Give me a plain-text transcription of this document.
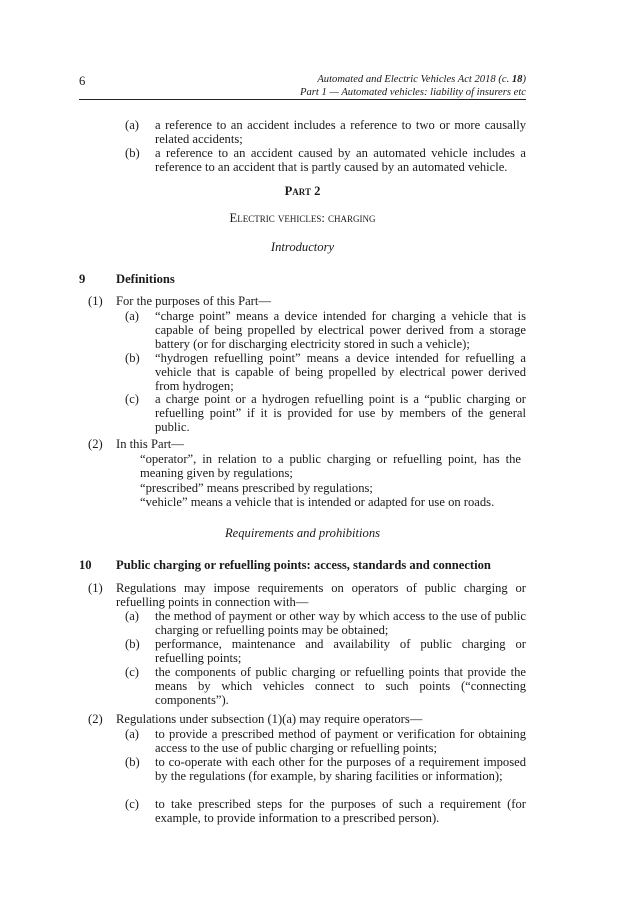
6	Automated and Electric Vehicles Act 2018 (c. 18)
Part 1 — Automated vehicles: liability of insurers etc
(a)	a reference to an accident includes a reference to two or more causally related accidents;
(b)	a reference to an accident caused by an automated vehicle includes a reference to an accident that is partly caused by an automated vehicle.
Part 2
Electric vehicles: charging
Introductory
9 Definitions
(1) For the purposes of this Part—
(a)	“charge point” means a device intended for charging a vehicle that is capable of being propelled by electrical power derived from a storage battery (or for discharging electricity stored in such a vehicle);
(b)	“hydrogen refuelling point” means a device intended for refuelling a vehicle that is capable of being propelled by electrical power derived from hydrogen;
(c)	a charge point or a hydrogen refuelling point is a “public charging or refuelling point” if it is provided for use by members of the general public.
(2) In this Part—
“operator”, in relation to a public charging or refuelling point, has the meaning given by regulations;
“prescribed” means prescribed by regulations;
“vehicle” means a vehicle that is intended or adapted for use on roads.
Requirements and prohibitions
10 Public charging or refuelling points: access, standards and connection
(1) Regulations may impose requirements on operators of public charging or refuelling points in connection with—
(a)	the method of payment or other way by which access to the use of public charging or refuelling points may be obtained;
(b)	performance, maintenance and availability of public charging or refuelling points;
(c)	the components of public charging or refuelling points that provide the means by which vehicles connect to such points (“connecting components”).
(2) Regulations under subsection (1)(a) may require operators—
(a)	to provide a prescribed method of payment or verification for obtaining access to the use of public charging or refuelling points;
(b)	to co-operate with each other for the purposes of a requirement imposed by the regulations (for example, by sharing facilities or information);
(c)	to take prescribed steps for the purposes of such a requirement (for example, to provide information to a prescribed person).
